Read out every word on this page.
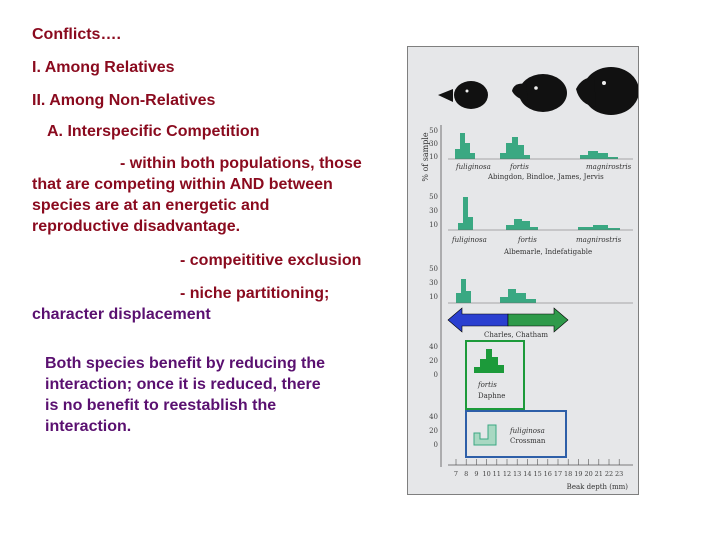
Conflicts….
I. Among Relatives
II. Among Non-Relatives
A. Interspecific Competition
- within both populations, those
that are competing within AND between
species are at an energetic and
reproductive disadvantage.
- compeititive exclusion
- niche partitioning;
character displacement
Both species benefit by reducing the
interaction; once it is reduced, there
is no benefit to reestablish the
interaction.
% of sample
50
30
10
fuliginosa	fortis	magnirostris
Abingdon, Bindloe, James, Jervis
50
30
10
fuliginosa	fortis	magnirostris
Albemarle, Indefatigable
50
30
10
Charles, Chatham
40
20
0
fortis
Daphne
40
20
0
fuliginosa
Crossman
7 8 9 10 11 12 13 14 15 16 17 18 19 20 21 22 23
Beak depth (mm)
